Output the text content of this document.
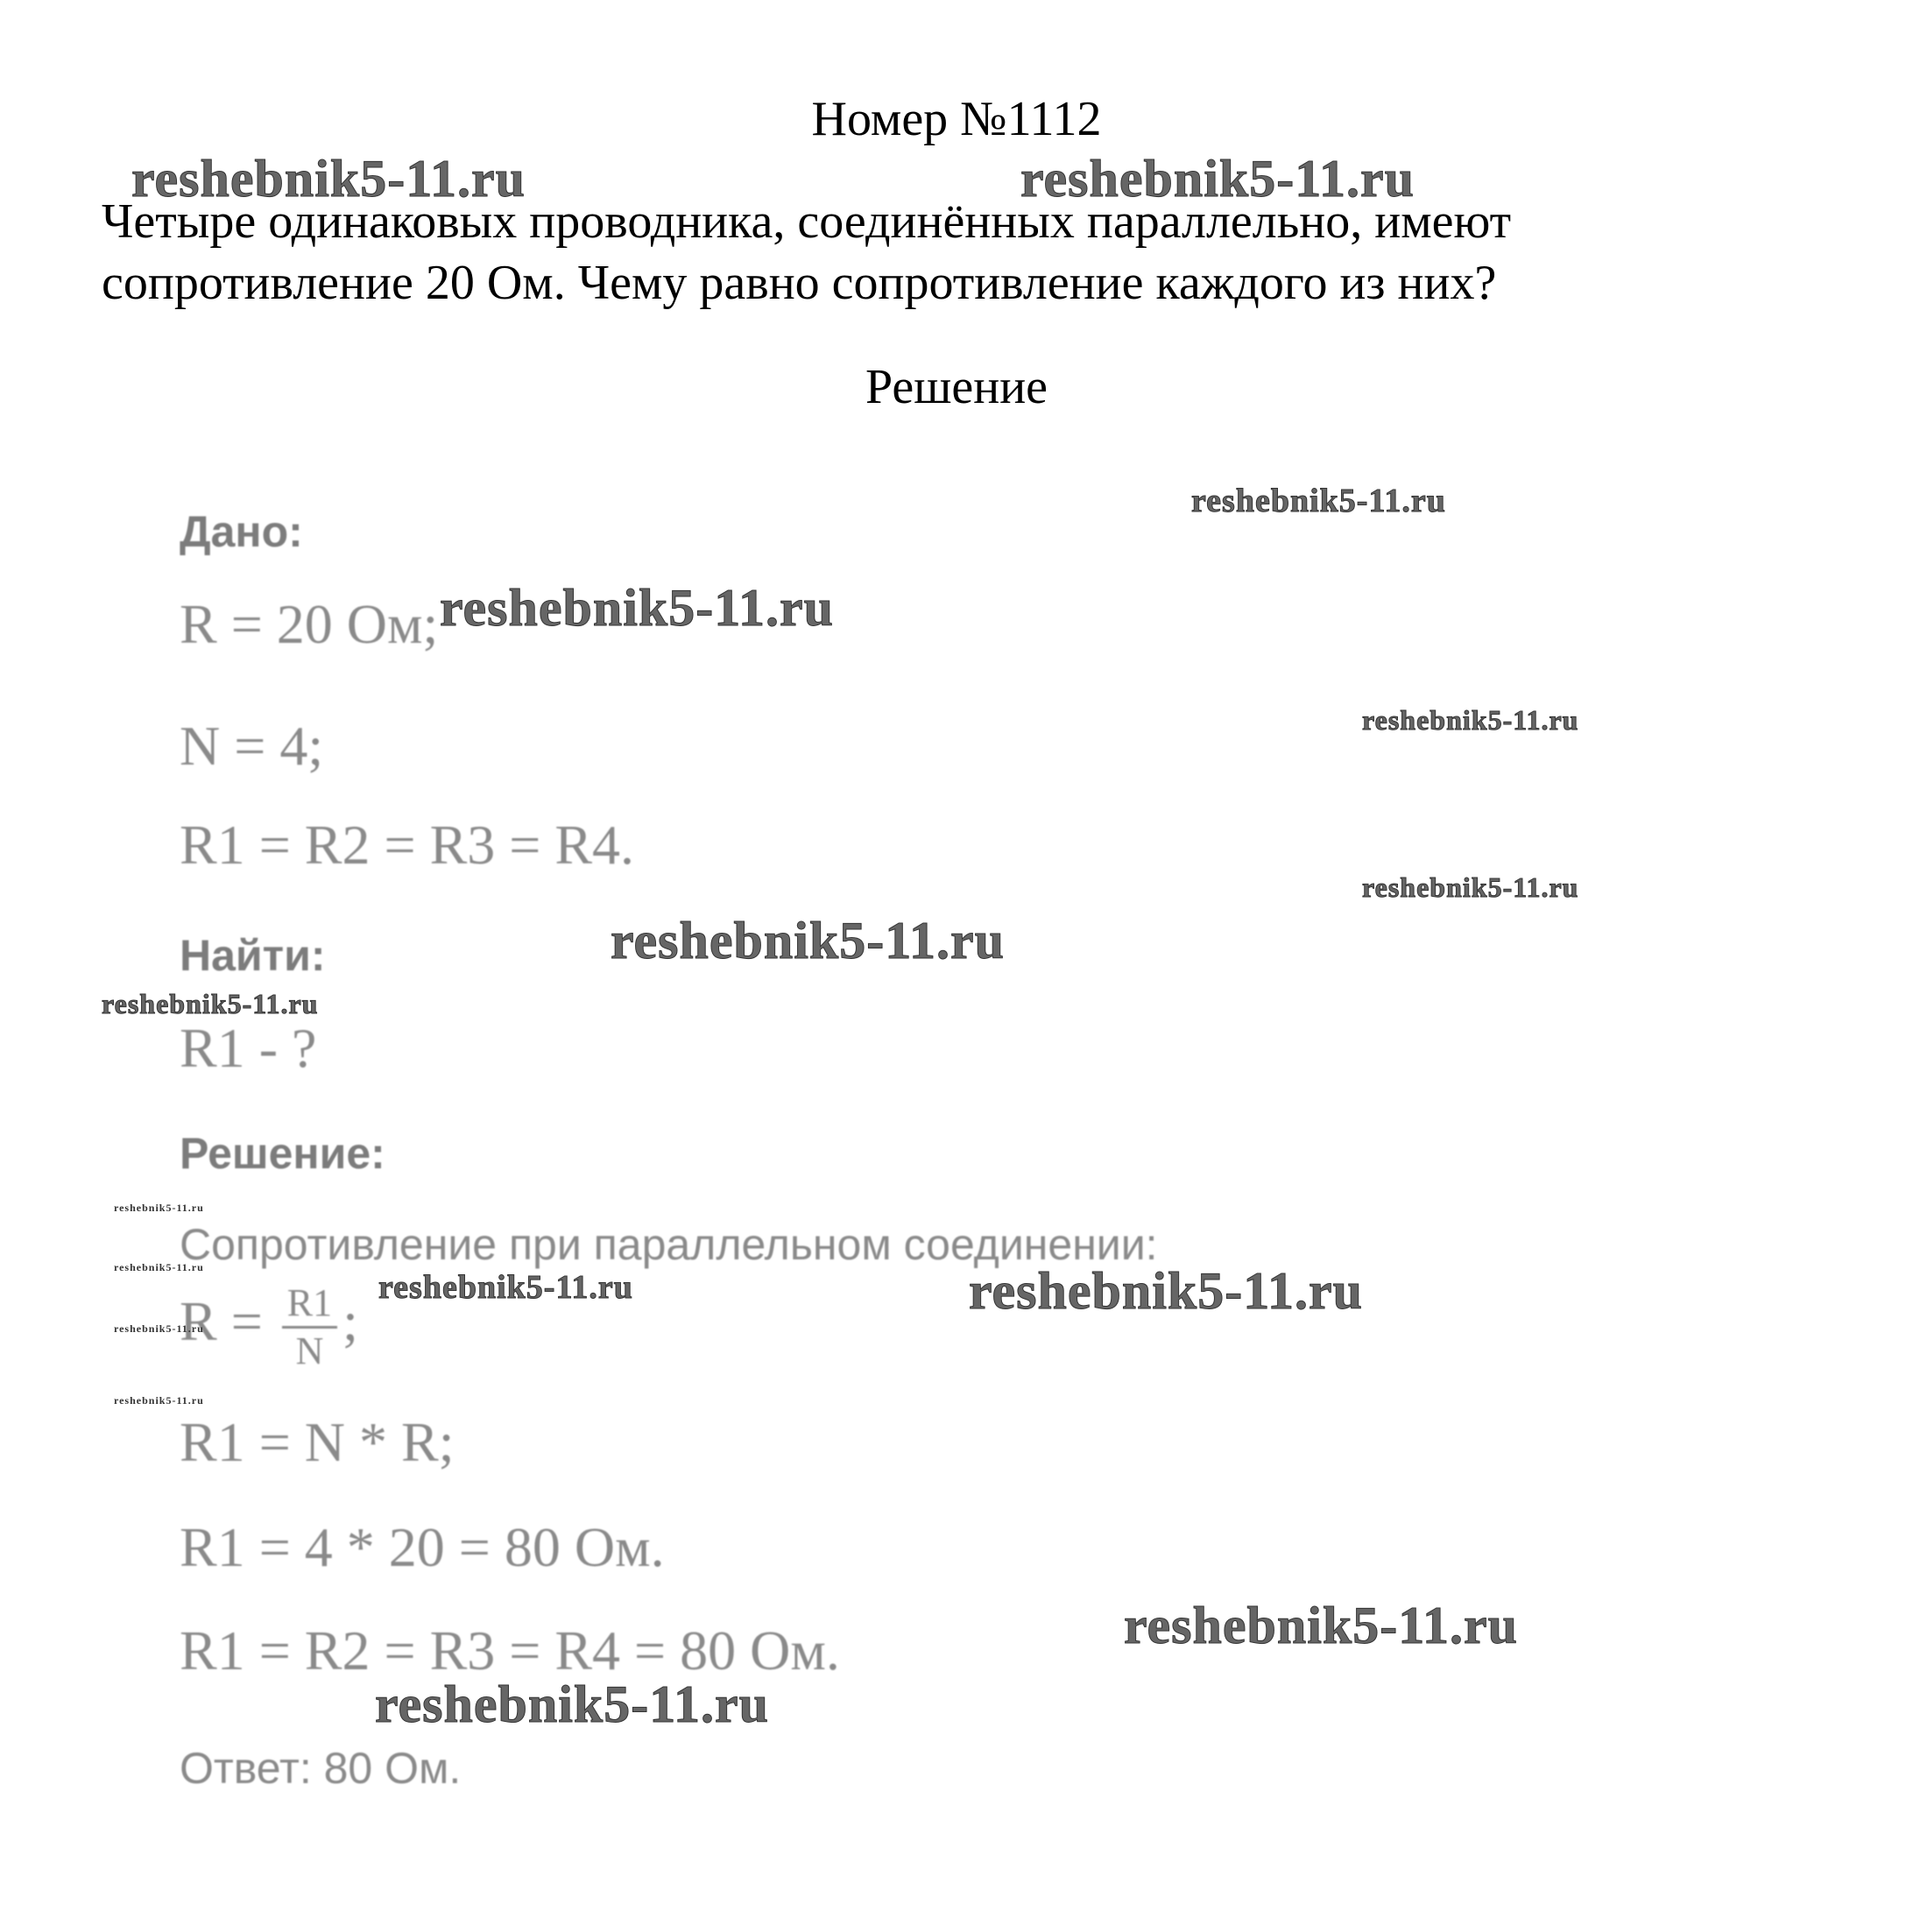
Номер №1112
Четыре одинаковых проводника, соединённых параллельно, имеют
сопротивление 20 Ом. Чему равно сопротивление каждого из них?
Решение
Дано:
R = 20 Ом;
N = 4;
R1 = R2 = R3 = R4.
Найти:
R1 - ?
Решение:
Сопротивление при параллельном соединении:
$R = \frac{R1}{N}$ ;
R1 = N * R;
R1 = 4 * 20 = 80 Ом.
R1 = R2 = R3 = R4 = 80 Ом.
Ответ: 80 Ом.
reshebnik5-11.ru	reshebnik5-11.ru
reshebnik5-11.ru
reshebnik5-11.ru
reshebnik5-11.ru
reshebnik5-11.ru
reshebnik5-11.ru
reshebnik5-11.ru
reshebnik5-11.ru
reshebnik5-11.ru
reshebnik5-11.ru	reshebnik5-11.ru
reshebnik5-11.ru
reshebnik5-11.ru
reshebnik5-11.ru
reshebnik5-11.ru
